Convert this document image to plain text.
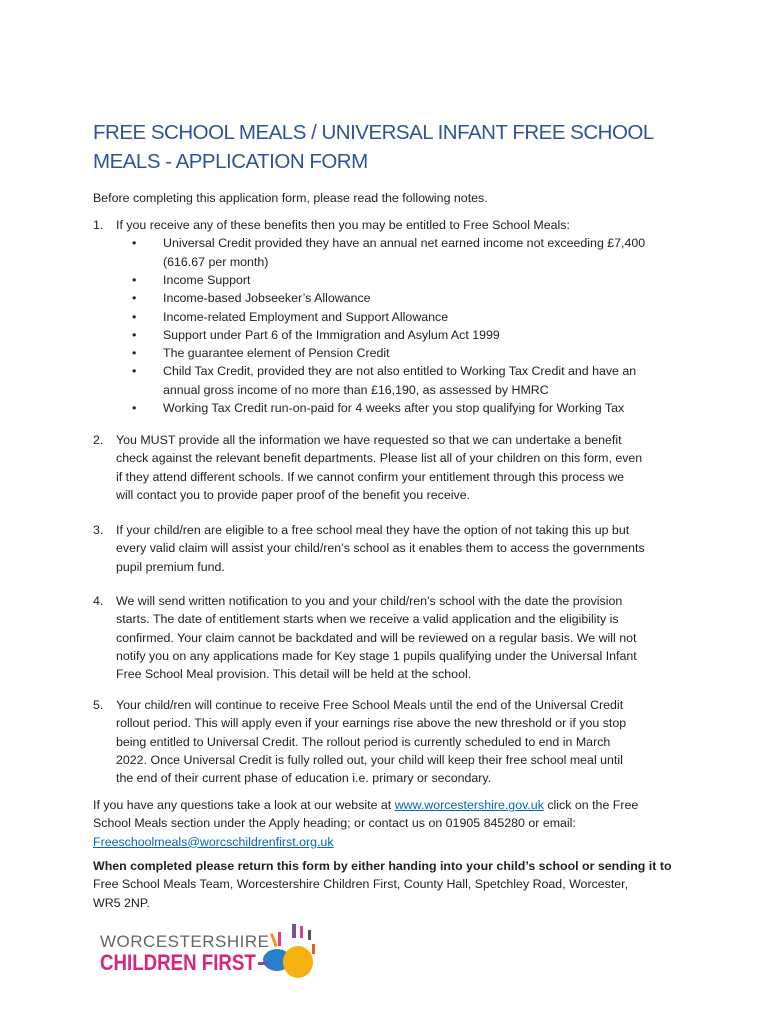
FREE SCHOOL MEALS / UNIVERSAL INFANT FREE SCHOOL
MEALS - APPLICATION FORM
Before completing this application form, please read the following notes.
1. If you receive any of these benefits then you may be entitled to Free School Meals:
• Universal Credit provided they have an annual net earned income not exceeding £7,400
(616.67 per month)
• Income Support
• Income-based Jobseeker’s Allowance
• Income-related Employment and Support Allowance
• Support under Part 6 of the Immigration and Asylum Act 1999
• The guarantee element of Pension Credit
• Child Tax Credit, provided they are not also entitled to Working Tax Credit and have an
annual gross income of no more than £16,190, as assessed by HMRC
• Working Tax Credit run-on-paid for 4 weeks after you stop qualifying for Working Tax
2. You MUST provide all the information we have requested so that we can undertake a benefit
check against the relevant benefit departments. Please list all of your children on this form, even
if they attend different schools. If we cannot confirm your entitlement through this process we
will contact you to provide paper proof of the benefit you receive.
3. If your child/ren are eligible to a free school meal they have the option of not taking this up but
every valid claim will assist your child/ren’s school as it enables them to access the governments
pupil premium fund.
4. We will send written notification to you and your child/ren's school with the date the provision
starts. The date of entitlement starts when we receive a valid application and the eligibility is
confirmed. Your claim cannot be backdated and will be reviewed on a regular basis. We will not
notify you on any applications made for Key stage 1 pupils qualifying under the Universal Infant
Free School Meal provision. This detail will be held at the school.
5. Your child/ren will continue to receive Free School Meals until the end of the Universal Credit
rollout period. This will apply even if your earnings rise above the new threshold or if you stop
being entitled to Universal Credit. The rollout period is currently scheduled to end in March
2022. Once Universal Credit is fully rolled out, your child will keep their free school meal until
the end of their current phase of education i.e. primary or secondary.
If you have any questions take a look at our website at www.worcestershire.gov.uk click on the Free
School Meals section under the Apply heading; or contact us on 01905 845280 or email:
Freeschoolmeals@worcschildrenfirst.org.uk
When completed please return this form by either handing into your child’s school or sending it to
Free School Meals Team, Worcestershire Children First, County Hall, Spetchley Road, Worcester,
WR5 2NP.
WORCESTERSHIRE
CHILDREN FIRST
